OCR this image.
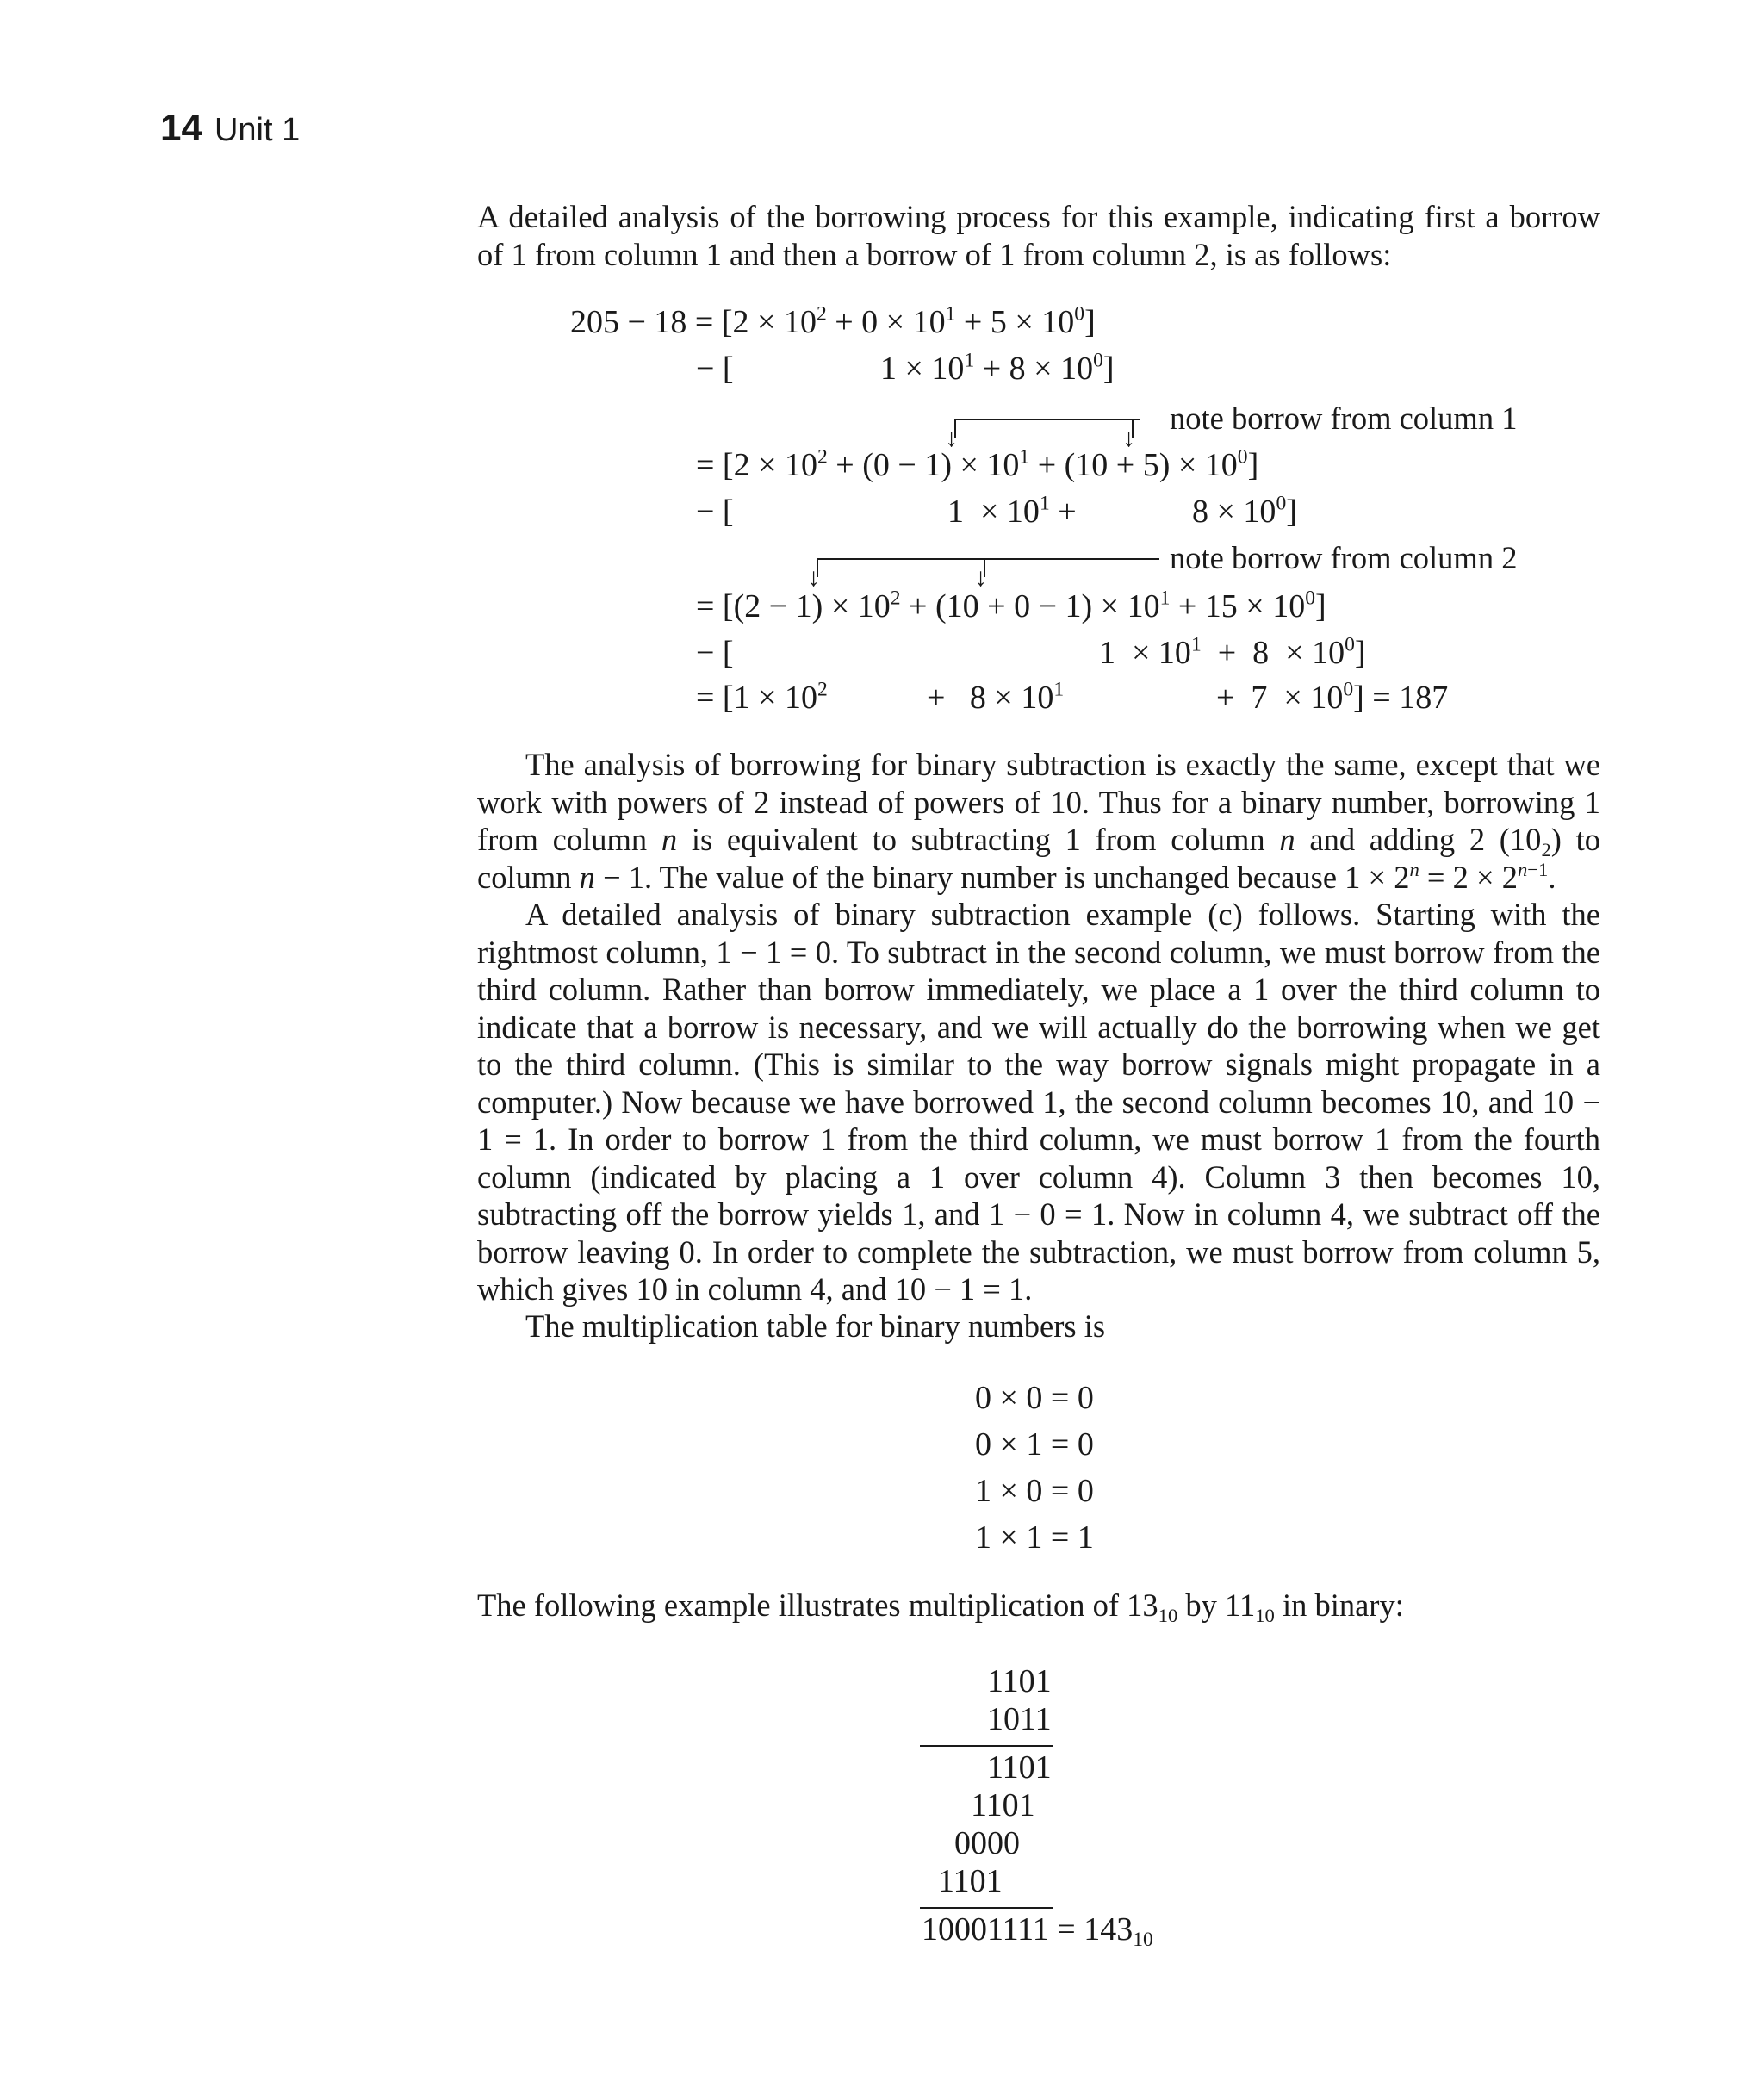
14 Unit 1
A detailed analysis of the borrowing process for this example, indicating first a borrow of 1 from column 1 and then a borrow of 1 from column 2, is as follows:
$205 - 18 = [2 \times 10^2 + 0 \times 10^1 + 5 \times 10^0]$
− [	$1 \times 10^1 + 8 \times 10^0$]
↓	↓
note borrow from column 1
= $[2 \times 10^2 + (0 - 1) \times 10^1 + (10 + 5) \times 10^0]$
− [	$1 \times 10^1$ +	$8 \times 10^0$]
↓	↓
note borrow from column 2
= $[(2 - 1) \times 10^2 + (10 + 0 - 1) \times 10^1 + 15 \times 10^0]$
− [	$1 \times 10^1 + 8 \times 10^0$]
= [$1 \times 10^2$	+   $8 \times 10^1$	+  $7 \times 10^0] = 187$
The analysis of borrowing for binary subtraction is exactly the same, except that we work with powers of 2 instead of powers of 10. Thus for a binary number, borrowing 1 from column n is equivalent to subtracting 1 from column n and adding 2 $(10_2)$ to column n − 1. The value of the binary number is unchanged because $1 \times 2^n = 2 \times 2^{n-1}$.
A detailed analysis of binary subtraction example (c) follows. Starting with the rightmost column, 1 − 1 = 0. To subtract in the second column, we must borrow from the third column. Rather than borrow immediately, we place a 1 over the third column to indicate that a borrow is necessary, and we will actually do the borrowing when we get to the third column. (This is similar to the way borrow signals might propagate in a computer.) Now because we have borrowed 1, the second column becomes 10, and 10 − 1 = 1. In order to borrow 1 from the third column, we must borrow 1 from the fourth column (indicated by placing a 1 over column 4). Column 3 then becomes 10, subtracting off the borrow yields 1, and 1 − 0 = 1. Now in column 4, we subtract off the borrow leaving 0. In order to complete the subtraction, we must borrow from column 5, which gives 10 in column 4, and 10 − 1 = 1.
The multiplication table for binary numbers is
0 × 0 = 0
0 × 1 = 0
1 × 0 = 0
1 × 1 = 1
The following example illustrates multiplication of $13_{10}$ by $11_{10}$ in binary:
1101
1011
1101
1101
0000
1101
$10001111 = 143_{10}$
